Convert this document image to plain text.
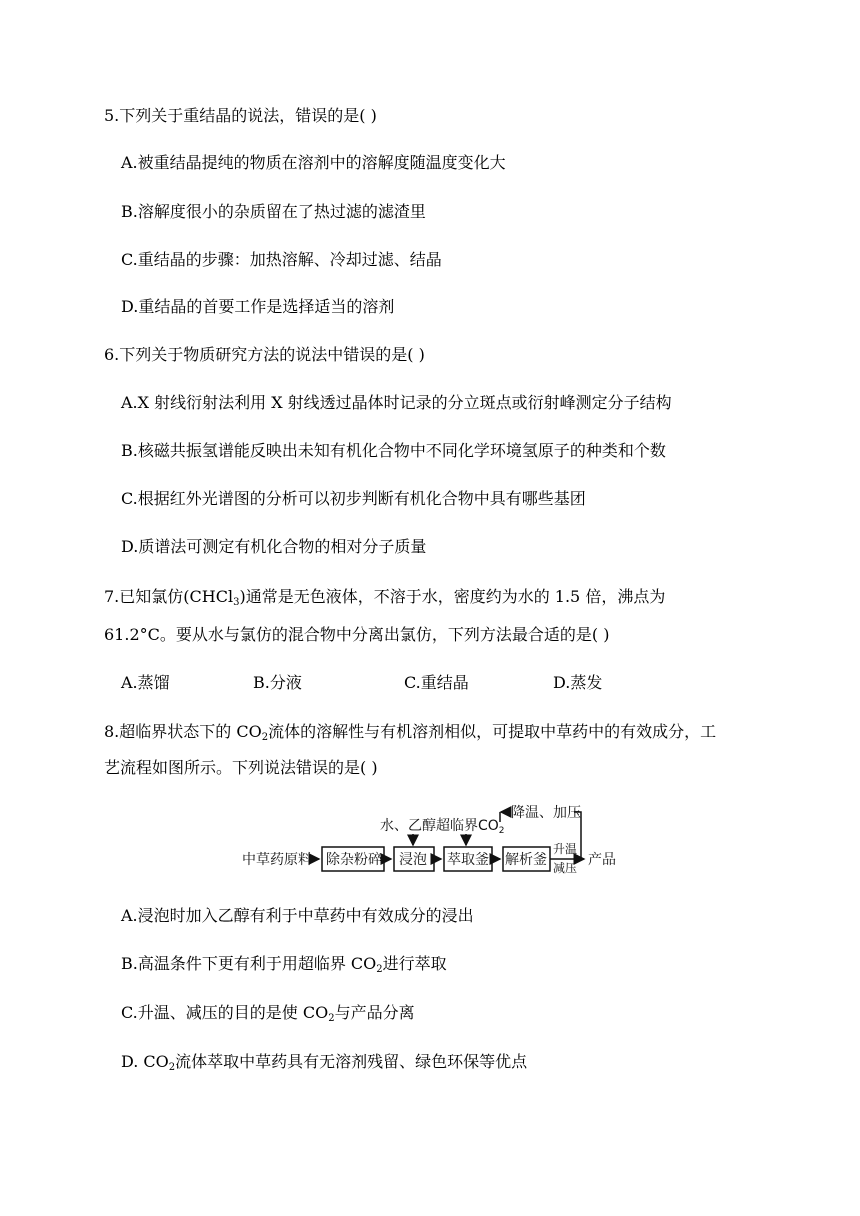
5.下列关于重结晶的说法，错误的是( )
A.被重结晶提纯的物质在溶剂中的溶解度随温度变化大
B.溶解度很小的杂质留在了热过滤的滤渣里
C.重结晶的步骤：加热溶解、冷却过滤、结晶
D.重结晶的首要工作是选择适当的溶剂
6.下列关于物质研究方法的说法中错误的是( )
A.X 射线衍射法利用 X 射线透过晶体时记录的分立斑点或衍射峰测定分子结构
B.核磁共振氢谱能反映出未知有机化合物中不同化学环境氢原子的种类和个数
C.根据红外光谱图的分析可以初步判断有机化合物中具有哪些基团
D.质谱法可测定有机化合物的相对分子质量
7.已知氯仿(CHCl$_3$)通常是无色液体，不溶于水，密度约为水的 1.5 倍，沸点为
61.2°C。要从水与氯仿的混合物中分离出氯仿，下列方法最合适的是( )
A.蒸馏	B.分液	C.重结晶	D.蒸发
8.超临界状态下的 $CO_2$流体的溶解性与有机溶剂相似，可提取中草药中的有效成分，工
艺流程如图所示。下列说法错误的是( )
水、乙醇 超临界$CO_2$
降温、加压
中草药原料 除杂粉碎 浸泡 萃取釜 解析釜
升温
减压 产品
A.浸泡时加入乙醇有利于中草药中有效成分的浸出
B.高温条件下更有利于用超临界 $CO_2$进行萃取
C.升温、减压的目的是使 $CO_2$与产品分离
D. $CO_2$流体萃取中草药具有无溶剂残留、绿色环保等优点
